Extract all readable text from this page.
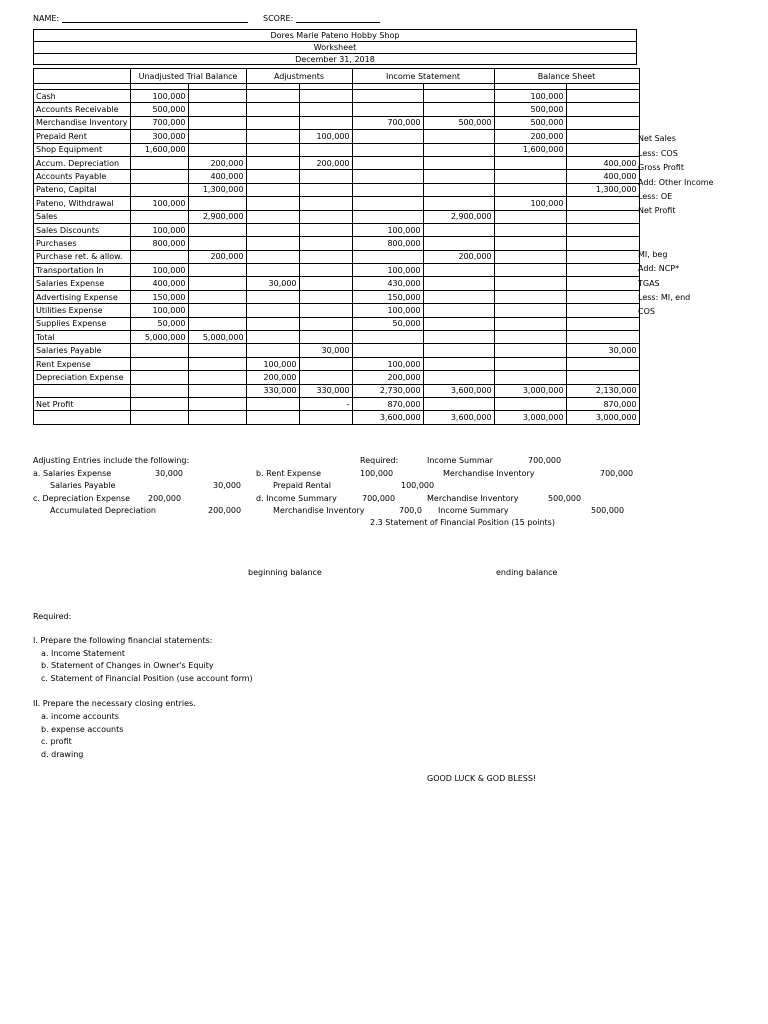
NAME:	SCORE:
Dores Marie Pateno Hobby Shop
Worksheet
December 31, 2018
	Unadjusted Trial Balance		Adjustments		Income Statement		Balance Sheet	

Cash	100,000						100,000	
Accounts Receivable	500,000						500,000	
Merchandise Inventory	700,000				700,000	500,000	500,000	
Prepaid Rent	300,000			100,000			200,000	
Shop Equipment	1,600,000						1,600,000	
Accum. Depreciation		200,000		200,000				400,000
Accounts Payable		400,000						400,000
Pateno, Capital		1,300,000						1,300,000
Pateno, Withdrawal	100,000						100,000	
Sales		2,900,000				2,900,000		
Sales Discounts	100,000				100,000			
Purchases	800,000				800,000			
Purchase ret. & allow.		200,000				200,000		
Transportation In	100,000				100,000			
Salaries Expense	400,000		30,000		430,000			
Advertising Expense	150,000				150,000			
Utilities Expense	100,000				100,000			
Supplies Expense	50,000				50,000			
Total	5,000,000	5,000,000						
Salaries Payable				30,000				30,000
Rent Expense			100,000		100,000			
Depreciation Expense			200,000		200,000			
			330,000	330,000	2,730,000	3,600,000	3,000,000	2,130,000
Net Profit				-	870,000			870,000
					3,600,000	3,600,000	3,000,000	3,000,000
Net Sales
Less: COS
Gross Profit
Add: Other Income
Less: OE
Net Profit
MI, beg
Add: NCP*
TGAS
Less: MI, end
COS
Adjusting Entries include the following:
a. Salaries Expense	30,000
Salaries Payable	30,000
c. Depreciation Expense 200,000
Accumulated Depreciation	200,000
b. Rent Expense	100,000
Prepaid Rental	100,000
d. Income Summary	700,000
Merchandise Inventory	700,0
Required:	Income Summar	700,000
Merchandise Inventory	700,000
Merchandise Inventory	500,000
Income Summary	500,000
2.3 Statement of Financial Position (15 points)
beginning balance	ending balance
Required:
I. Prepare the following financial statements:
a. Income Statement
b. Statement of Changes in Owner's Equity
c. Statement of Financial Position (use account form)
II. Prepare the necessary closing entries.
a. income accounts
b. expense accounts
c. profit
d. drawing
GOOD LUCK & GOD BLESS!
